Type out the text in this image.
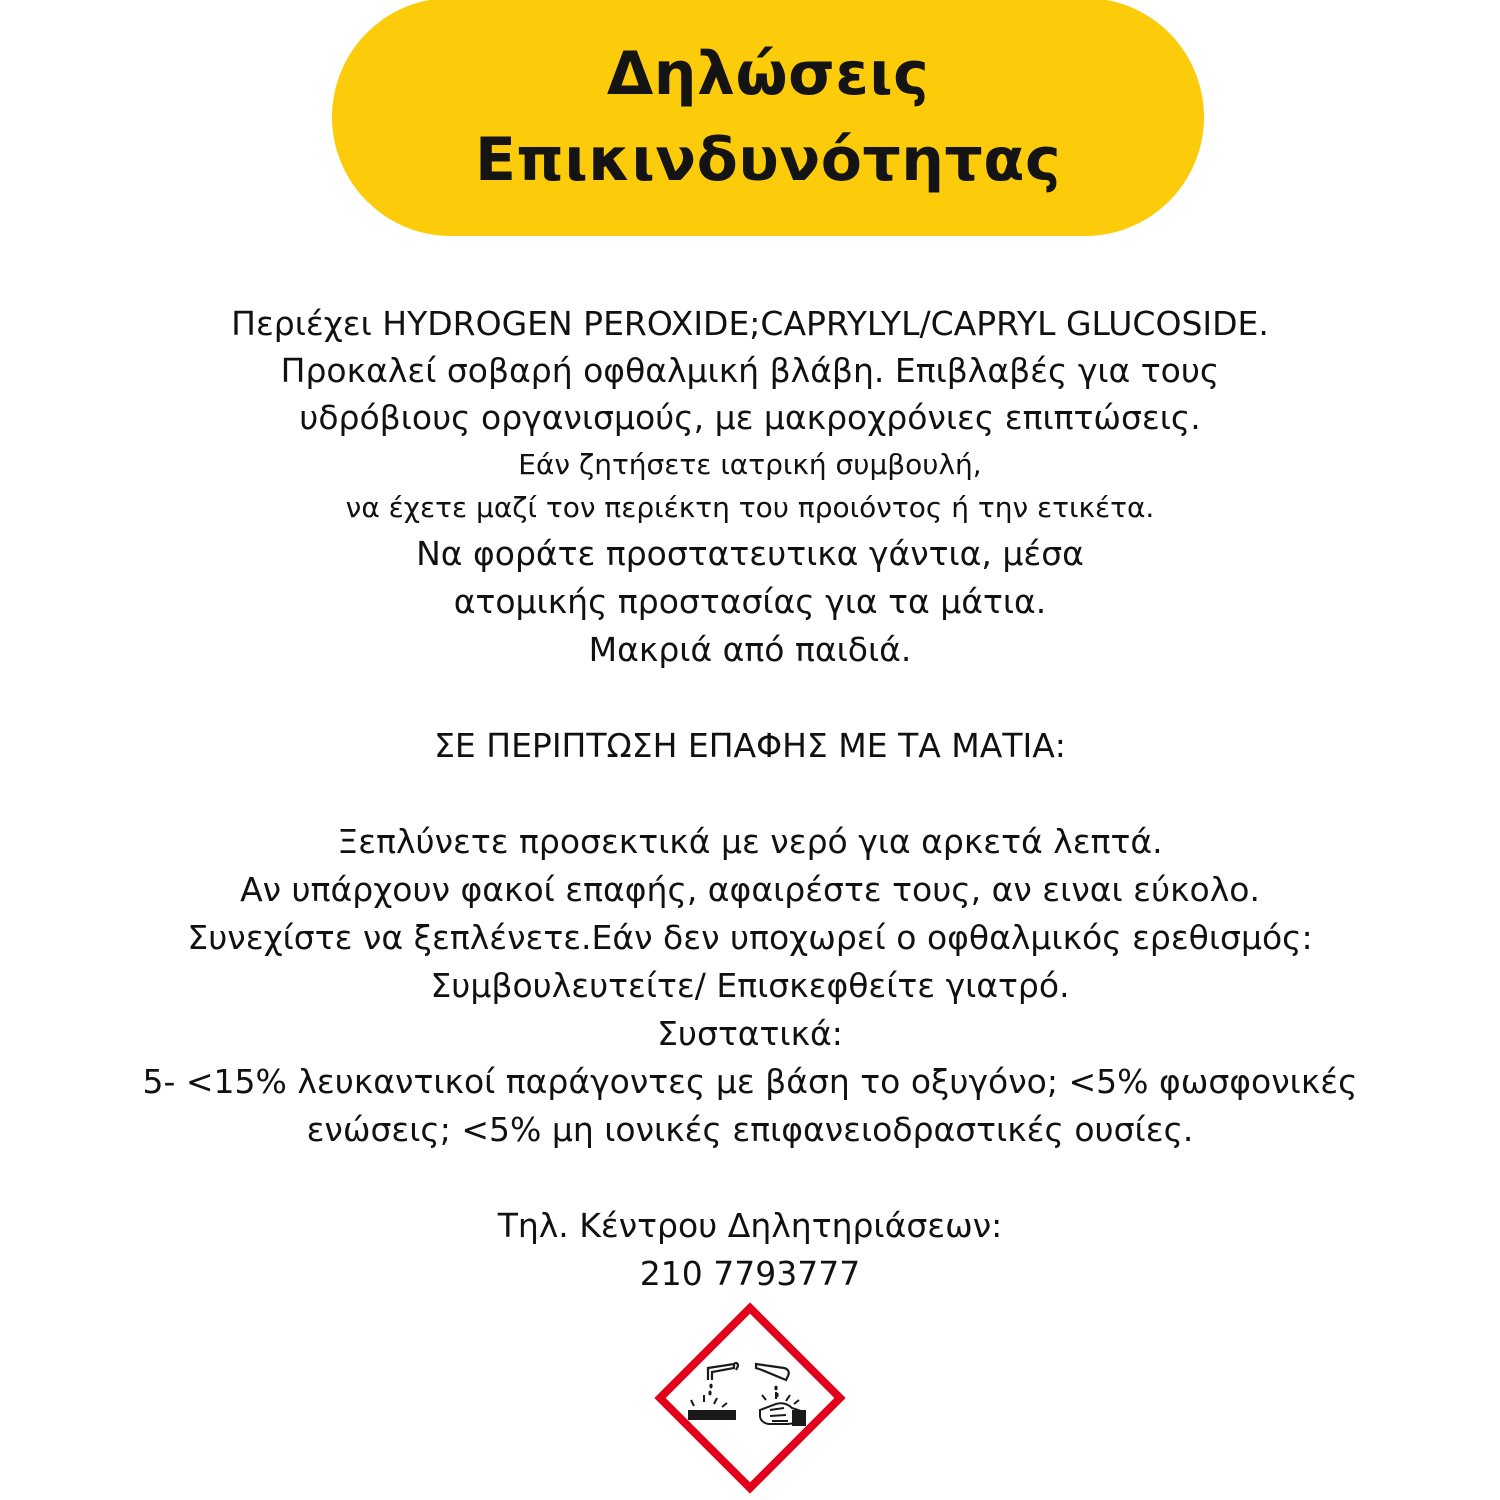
Δηλώσεις
Επικινδυνότητας
Περιέχει HYDROGEN PEROXIDE;CAPRYLYL/CAPRYL GLUCOSIDE.
Προκαλεί σοβαρή οφθαλμική βλάβη. Επιβλαβές για τους
υδρόβιους οργανισμούς, με μακροχρόνιες επιπτώσεις.
Εάν ζητήσετε ιατρική συμβουλή,
να έχετε μαζί τον περιέκτη του προιόντος ή την ετικέτα.
Να φοράτε προστατευτικα γάντια, μέσα
ατομικής προστασίας για τα μάτια.
Μακριά από παιδιά.
ΣΕ ΠΕΡΙΠΤΩΣΗ ΕΠΑΦΗΣ ΜΕ ΤΑ ΜΑΤΙΑ:
Ξεπλύνετε προσεκτικά με νερό για αρκετά λεπτά.
Αν υπάρχουν φακοί επαφής, αφαιρέστε τους, αν ειναι εύκολο.
Συνεχίστε να ξεπλένετε.Εάν δεν υποχωρεί ο οφθαλμικός ερεθισμός:
Συμβουλευτείτε/ Επισκεφθείτε γιατρό.
Συστατικά:
5- <15% λευκαντικοί παράγοντες με βάση το οξυγόνο; <5% φωσφονικές
ενώσεις; <5% μη ιονικές επιφανειοδραστικές ουσίες.
Τηλ. Κέντρου Δηλητηριάσεων:
210 7793777
